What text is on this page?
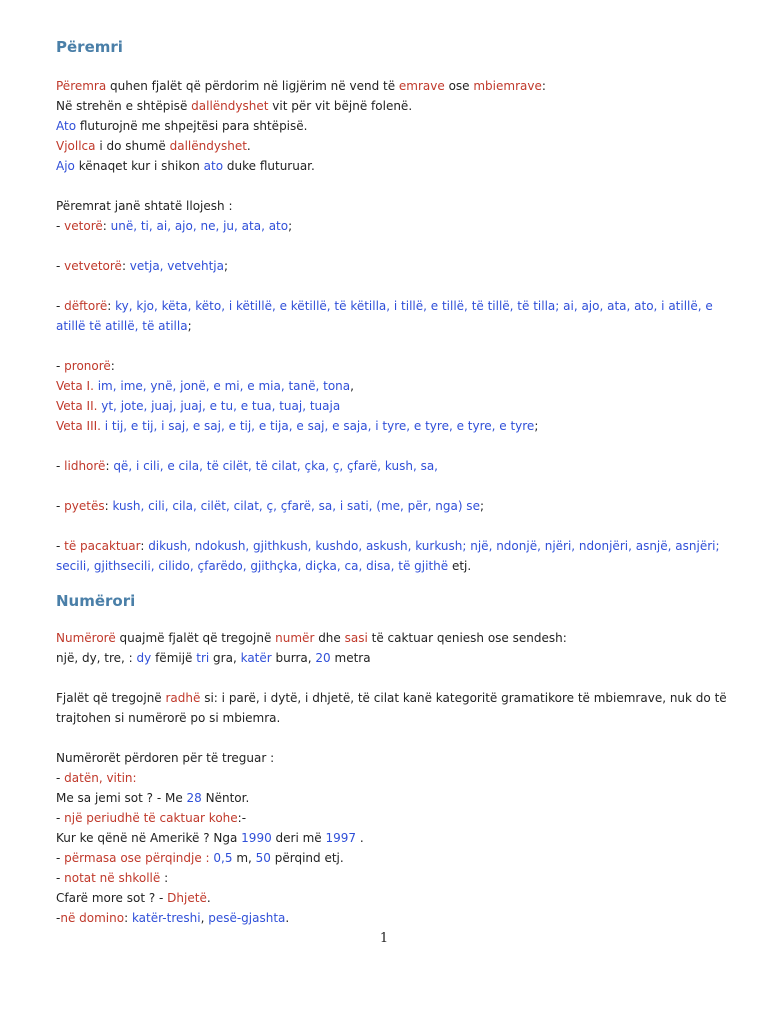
Përemri
Përemra quhen fjalët që përdorim në ligjërim në vend të emrave ose mbiemrave:
Në strehën e shtëpisë dallëndyshet vit për vit bëjnë folenë.
Ato fluturojnë me shpejtësi para shtëpisë.
Vjollca i do shumë dallëndyshet.
Ajo kënaqet kur i shikon ato duke fluturuar.
Përemrat janë shtatë llojesh :
- vetorë: unë, ti, ai, ajo, ne, ju, ata, ato;
- vetvetorë: vetja, vetvehtja;
- dëftorë: ky, kjo, këta, këto, i këtillë, e këtillë, të këtilla, i tillë, e tillë, të tillë, të tilla; ai, ajo, ata, ato, i atillë, e atillë të atillë, të atilla;
- pronorë:
Veta I. im, ime, ynë, jonë, e mi, e mia, tanë, tona,
Veta II. yt, jote, juaj, juaj, e tu, e tua, tuaj, tuaja
Veta III. i tij, e tij, i saj, e saj, e tij, e tija, e saj, e saja, i tyre, e tyre, e tyre, e tyre;
- lidhorë: që, i cili, e cila, të cilët, të cilat, çka, ç, çfarë, kush, sa,
- pyetës: kush, cili, cila, cilët, cilat, ç, çfarë, sa, i sati, (me, për, nga) se;
- të pacaktuar: dikush, ndokush, gjithkush, kushdo, askush, kurkush; një, ndonjë, njëri, ndonjëri, asnjë, asnjëri; secili, gjithsecili, cilido, çfarëdo, gjithçka, diçka, ca, disa, të gjithë etj.
Numërori
Numërorë quajmë fjalët që tregojnë numër dhe sasi të caktuar qeniesh ose sendesh:
një, dy, tre, : dy fëmijë tri gra, katër burra, 20 metra
Fjalët që tregojnë radhë si: i parë, i dytë, i dhjetë, të cilat kanë kategoritë gramatikore të mbiemrave, nuk do të trajtohen si numërorë po si mbiemra.
Numërorët përdoren për të treguar :
- datën, vitin:
Me sa jemi sot ? - Me 28 Nëntor.
- një periudhë të caktuar kohe:-
Kur ke qënë në Amerikë ? Nga 1990 deri më 1997 .
- përmasa ose përqindje : 0,5 m, 50 përqind etj.
- notat në shkollë :
Cfarë more sot ? - Dhjetë.
-në domino: katër-treshi, pesë-gjashta.
1
